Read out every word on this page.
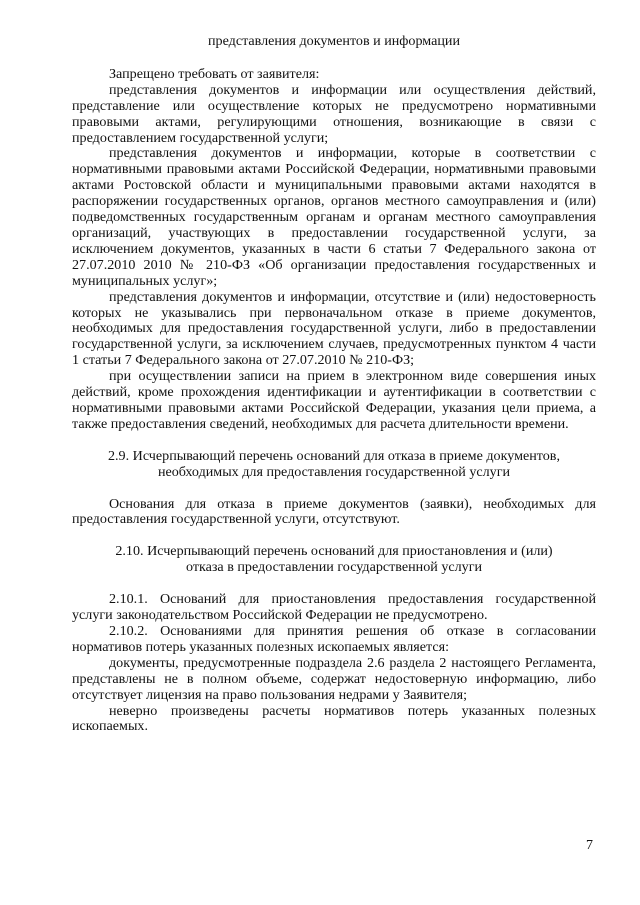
представления документов и информации

Запрещено требовать от заявителя:

представления документов и информации или осуществления действий, представление или осуществление которых не предусмотрено нормативными правовыми актами, регулирующими отношения, возникающие в связи с предоставлением государственной услуги;

представления документов и информации, которые в соответствии с нормативными правовыми актами Российской Федерации, нормативными правовыми актами Ростовской области и муниципальными правовыми актами находятся в распоряжении государственных органов, органов местного самоуправления и (или) подведомственных государственным органам и органам местного самоуправления организаций, участвующих в предоставлении государственной услуги, за исключением документов, указанных в части 6 статьи 7 Федерального закона от 27.07.2010 2010 № 210-ФЗ «Об организации предоставления государственных и муниципальных услуг»;

представления документов и информации, отсутствие и (или) недостоверность которых не указывались при первоначальном отказе в приеме документов, необходимых для предоставления государственной услуги, либо в предоставлении государственной услуги, за исключением случаев, предусмотренных пунктом 4 части 1 статьи 7 Федерального закона от 27.07.2010 № 210-ФЗ;

при осуществлении записи на прием в электронном виде совершения иных действий, кроме прохождения идентификации и аутентификации в соответствии с нормативными правовыми актами Российской Федерации, указания цели приема, а также предоставления сведений, необходимых для расчета длительности времени.

2.9. Исчерпывающий перечень оснований для отказа в приеме документов,

необходимых для предоставления государственной услуги

Основания для отказа в приеме документов (заявки), необходимых для предоставления государственной услуги, отсутствуют.

2.10. Исчерпывающий перечень оснований для приостановления и (или)

отказа в предоставлении государственной услуги

2.10.1. Оснований для приостановления предоставления государственной услуги законодательством Российской Федерации не предусмотрено.

2.10.2. Основаниями для принятия решения об отказе в согласовании нормативов потерь указанных полезных ископаемых является:

документы, предусмотренные подраздела 2.6 раздела 2 настоящего Регламента, представлены не в полном объеме, содержат недостоверную информацию, либо отсутствует лицензия на право пользования недрами у Заявителя;

неверно произведены расчеты нормативов потерь указанных полезных ископаемых.

7
